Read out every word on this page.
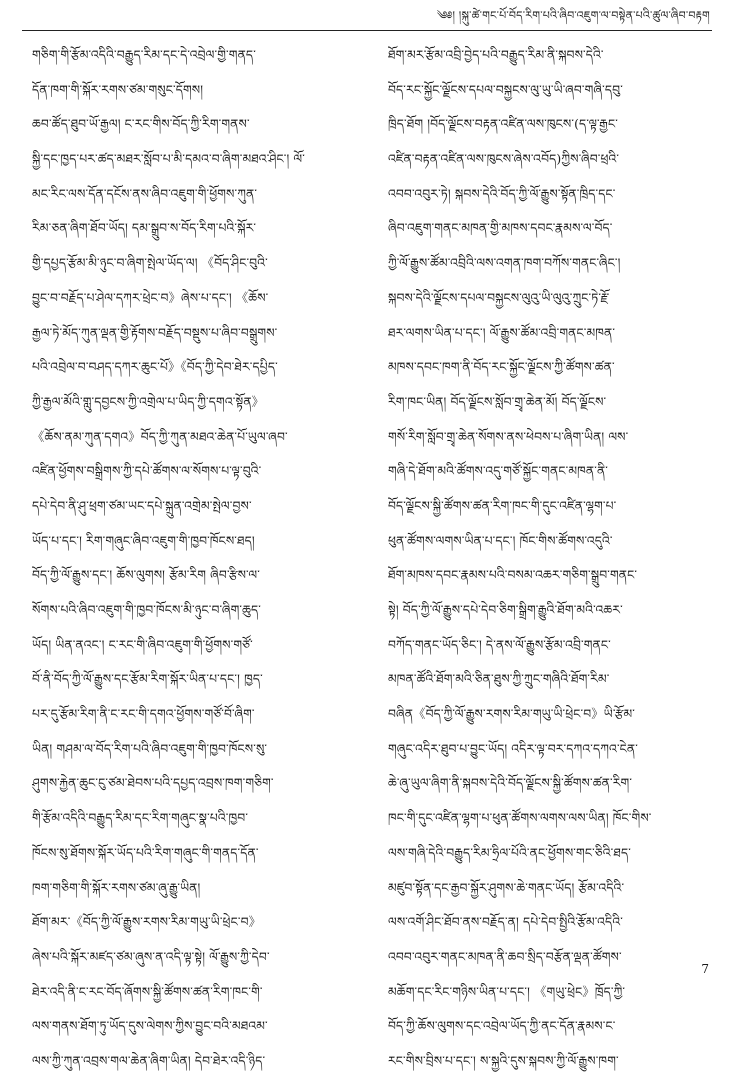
༄༅། །སྐུ་ཚེ་གང་པོ་བོད་རིག་པའི་ཞིབ་འཇུག་ལ་བསྟེན་པའི་ཚུལ་ཞིབ་བརྟག
གཅིག་གི་རྩོམ་འདིའི་བརྒྱུད་རིམ་དང་དེ་འབྲེལ་གྱི་གནད་
དོན་ཁག་གི་སྐོར་རགས་ཙམ་གསུང་དོགས།
ཆབ་ཚོད་ཐུབ་ཡོ་རྒྱལ། ང་རང་གིས་བོད་ཀྱི་རིག་གནས་
སྐྱི་དང་ཁྱད་པར་ཚད་མཐར་སློབ་པ་མི་དམའ་བ་ཞིག་མཐའ་ཤིང་། ལོ་
མང་རིང་ལས་དོན་དངོས་ནས་ཞིབ་འཇུག་གི་ཕྱོགས་ཀུན་
རིམ་ཅན་ཞིག་ཐོབ་ཡོད། དམ་སྒྲུབ་ས་བོད་རིག་པའི་སྐོར་
གྱི་དཔྱད་རྩོམ་མི་ཉུང་བ་ཞིག་སྤེལ་ཡོད་ལ། 《བོད་ཤིང་བུའི་
བྱུང་བ་བརྗོད་པ་ཤེལ་དཀར་ཕྲེང་བ》ཞེས་པ་དང་། 《ཆོས་
རྒྱལ་ཏེ་མོད་ཀུན་ལྡན་གྱི་རྟོགས་བརྗོད་བསྡུས་པ་ཞིབ་བསྒྲུགས་
པའི་འབྲེལ་བ་བཤད་དཀར་ཆུང་པོ》《བོད་ཀྱི་དེབ་ཐེར་དཔྱིད་
ཀྱི་རྒྱལ་མོའི་གླུ་དབྱངས་ཀྱི་འགྲེལ་པ་ཡིད་ཀྱི་དགའ་སྟོན》
《ཆོས་ནམ་ཀུན་དགའ》བོད་ཀྱི་ཀུན་མཐའ་ཆེན་པོ་ཡུལ་ཞབ་
འཛིན་ཕྱོགས་བསྒྲིགས་ཀྱི་དཔེ་ཚོགས་ལ་སོགས་པ་ལྟ་བུའི་
དཔེ་དེབ་ནི་ཤུ་ཕྲག་ཙམ་ཡང་དཔེ་སྐྲུན་འགྲེམ་སྤེལ་བྱས་
ཡོད་པ་དང་། རིག་གཞུང་ཞིབ་འཇུག་གི་ཁྱབ་ཁོངས་ཐད།
བོད་ཀྱི་ལོ་རྒྱུས་དང་། ཆོས་ལུགས། རྩོམ་རིག ཞིབ་རྩིས་ལ་
སོགས་པའི་ཞིབ་འཇུག་གི་ཁྱབ་ཁོངས་མི་ཉུང་བ་ཞིག་ཆུད་
ཡོད། ཡིན་ནའང་། ང་རང་གི་ཞིབ་འཇུག་གི་ཕྱོགས་གཙོ་
བོ་ནི་བོད་ཀྱི་ལོ་རྒྱུས་དང་རྩོམ་རིག་སྐོར་ཡིན་པ་དང་། ཁྱད་
པར་དུ་རྩོམ་རིག་ནི་ང་རང་གི་དགའ་ཕྱོགས་གཙོ་བོ་ཞིག་
ཡིན། གཤམ་ལ་བོད་རིག་པའི་ཞིབ་འཇུག་གི་ཁྱབ་ཁོངས་སུ་
ཤུགས་རྐྱེན་ཆུང་ངུ་ཙམ་ཐེབས་པའི་དཔྱད་འབྲས་ཁག་གཅིག་
གི་རྩོམ་འདིའི་བརྒྱུད་རིམ་དང་རིག་གཞུང་སྣ་པའི་ཁྱབ་
ཁོངས་སུ་ཐོགས་སྐོར་ཡོད་པའི་རིག་གཞུང་གི་གནད་དོན་
ཁག་གཅིག་གི་སྐོར་རགས་ཙམ་ཞུ་རྒྱུ་ཡིན།
ཐོག་མར་《བོད་ཀྱི་ལོ་རྒྱུས་རགས་རིམ་གཡུ་ཡི་ཕྲེང་བ》
ཞེས་པའི་སྐོར་མཛད་ཙམ་ཞུས་ན་འདི་ལྟ་སྟེ། ལོ་རྒྱུས་ཀྱི་དེབ་
ཐེར་འདི་ནི་ང་རང་བོད་ཞོགས་སྐྱི་ཚོགས་ཚན་རིག་ཁང་གི་
ལས་གནས་ཐོག་ཏུ་ཡོད་དུས་ལེགས་ཀྱིས་བྱུང་བའི་མཐའམ་
ལས་ཀྱི་ཀུན་འབྲས་གལ་ཆེན་ཞིག་ཡིན། དེབ་ཐེར་འདི་ཉིད་
ཐོག་མར་རྩོམ་འབྲི་བྱེད་པའི་བརྒྱུད་རིམ་ནི་སྐབས་དེའི་
བོད་རང་སྐྱོང་ལྗོངས་དཔལ་བསྐྱངས་ལུ་ཡུ་ཡི་ཞབ་གཞི་དབུ་
ཁྲིད་ཐོག །བོད་ལྗོངས་བརྟན་འཛིན་ལས་ཁུངས་(ད་ལྟ་རྒྱང་
འཛིན་བརྟན་འཛིན་ལས་ཁུངས་ཞེས་འབོད)ཀྱིས་ཞིབ་ཕྲའི་
འབབ་འབུར་ཏེ། སྐབས་དེའི་བོད་ཀྱི་ལོ་རྒྱུས་སྟོན་ཁྲིད་དང་
ཞིབ་འཇུག་གནང་མཁན་གྱི་མཁས་དབང་རྣམས་ལ་བོད་
ཀྱི་ལོ་རྒྱུས་ཚོམ་འབྲིའི་ལས་འགན་ཁག་བཀོས་གནང་ཞིང་།
སྐབས་དེའི་ལྗོངས་དཔལ་བསྐྱངས་ལུའུ་ཡི་ལུའུ་ཀྲུང་ཏེ་རྗོ་
ཐར་ལགས་ཡིན་པ་དང་། ལོ་རྒྱུས་ཚོམ་འབྲི་གནང་མཁན་
མཁས་དབང་ཁག་ནི་བོད་རང་སྐྱོང་ལྗོངས་ཀྱི་ཚོགས་ཚན་
རིག་ཁང་ཡིན། བོད་ལྗོངས་སློབ་གྲྭ་ཆེན་མོ། བོད་ལྗོངས་
གསོ་རིག་སློབ་གྲྭ་ཆེན་སོགས་ནས་ཕེབས་པ་ཞིག་ཡིན། ལས་
གཞི་དེ་ཐོག་མའི་ཚོགས་འདུ་གཙོ་སྐྱོང་གནང་མཁན་ནི་
བོད་ལྗོངས་སྐྱི་ཚོགས་ཚན་རིག་ཁང་གི་དུང་འཛིན་ལྷག་པ་
ཕུན་ཚོགས་ལགས་ཡིན་པ་དང་། ཁོང་གིས་ཚོགས་འདུའི་
ཐོག་མཁས་དབང་རྣམས་པའི་བསམ་འཆར་གཅིག་སྒྲུབ་གནང་
སྟེ། བོད་ཀྱི་ལོ་རྒྱུས་དཔེ་དེབ་ཅིག་སྒྲིག་རྒྱུའི་ཐོག་མའི་འཆར་
བཀོད་གནང་ཡོད་ཅིང་། དེ་ནས་ལོ་རྒྱུས་རྩོམ་འབྲི་གནང་
མཁན་ཚོའི་ཐོག་མའི་ཅིན་ཐུས་ཀྱི་ཀྲུང་གཞིའི་ཐོག་རིམ་
བཞིན《བོད་ཀྱི་ལོ་རྒྱུས་རགས་རིམ་གཡུ་ཡི་ཕྲེང་བ》ཡི་རྩོམ་
གཞུང་འདིར་ཐུབ་པ་བྱུང་ཡོད། འདིར་ལྟ་བར་དཀའ་དཀའ་ངེན་
ཆེ་ཞུ་ཡུལ་ཞིག་ནི་སྐབས་དེའི་བོད་ལྗོངས་སྐྱི་ཚོགས་ཚན་རིག་
ཁང་གི་དུང་འཛིན་ལྷག་པ་ཕུན་ཚོགས་ལགས་ལས་ཡིན། ཁོང་གིས་
ལས་གཞི་དེའི་བརྒྱུད་རིམ་ཧྲིལ་པོའི་ནང་ཕྱོགས་གང་ཅིའི་ཐད་
མཛུབ་སྟོན་དང་རྒྱབ་སྐྱོར་ཤུགས་ཆེ་གནང་ཡོད། རྩོམ་འདིའི་
ལས་འགོ་ཤིང་ཐོབ་ནས་བརྗོད་ན། དཔེ་དེབ་སྤྱིའི་རྩོམ་འདིའི་
འབབ་འབུར་གནང་མཁན་ནི་ཆབ་སྲིད་བརྩོན་ལྡན་ཚོགས་
མཆོག་དང་རིང་གཉིས་ཡིན་པ་དང་། 《གཡུ་ཕྲེང》ཁྲོད་ཀྱི་
བོད་ཀྱི་ཆོས་ལུགས་དང་འབྲེལ་ཡོད་ཀྱི་ནང་དོན་རྣམས་ང་
རང་གིས་བྲིས་པ་དང་། ས་སྐྱའི་དུས་སྐབས་ཀྱི་ལོ་རྒྱུས་ཁག་
7
